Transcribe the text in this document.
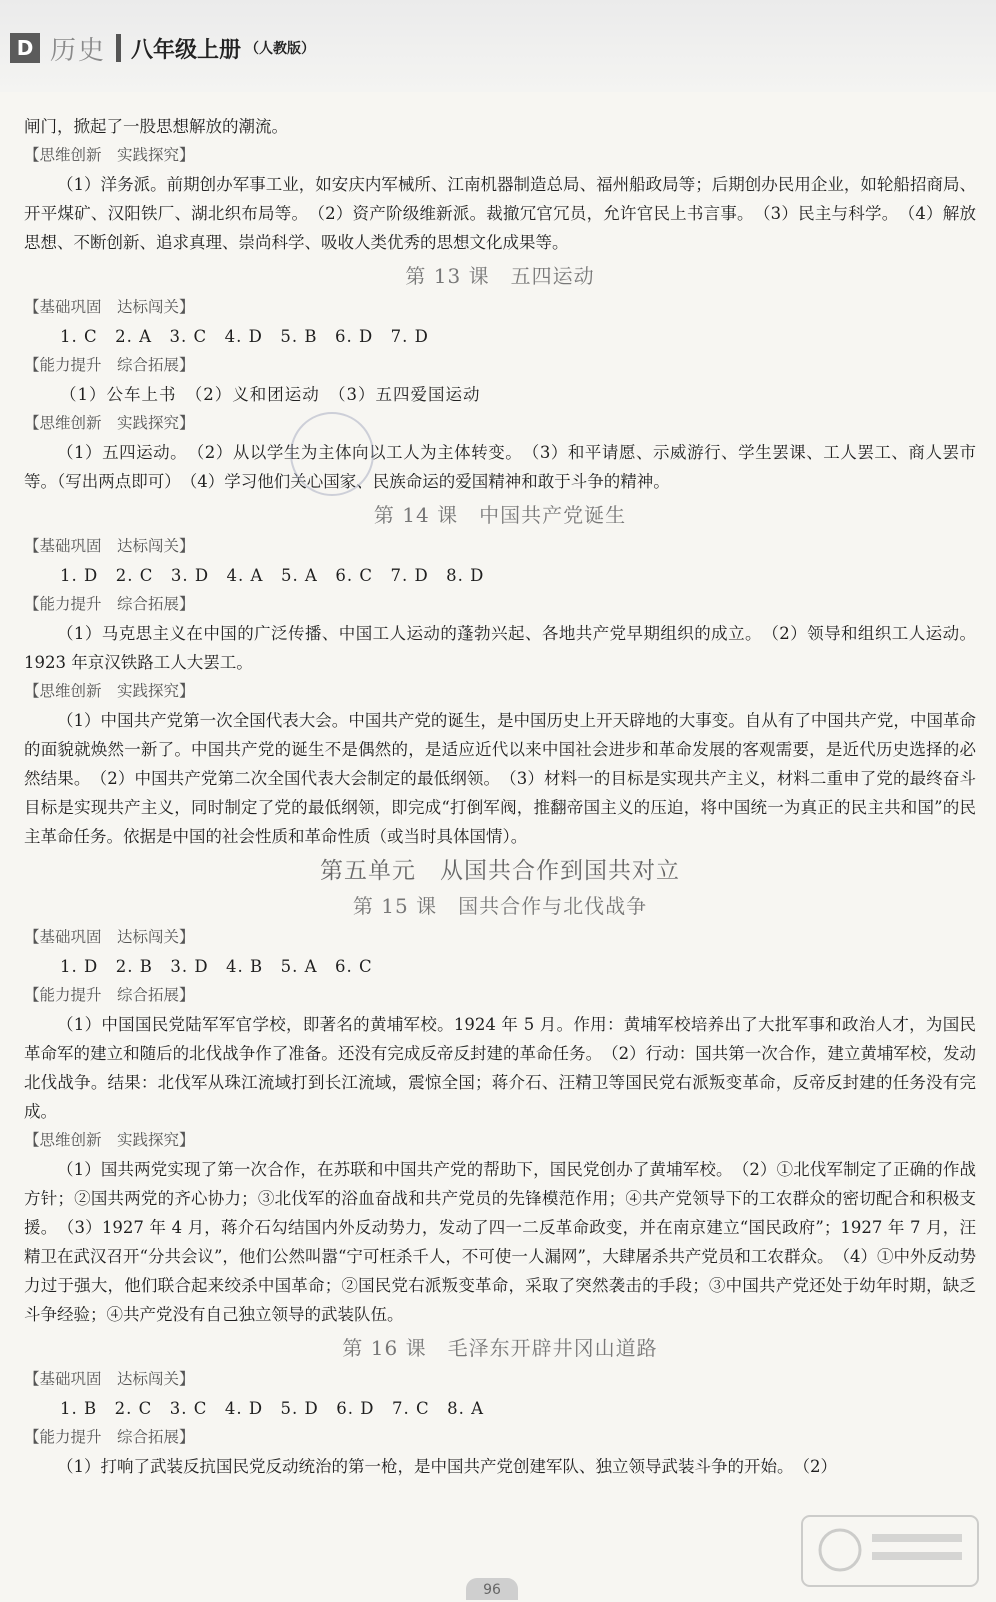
D 历史 八年级上册 （人教版）

闸门，掀起了一股思想解放的潮流。

【思维创新　实践探究】

（1）洋务派。前期创办军事工业，如安庆内军械所、江南机器制造总局、福州船政局等；后期创办民用企业，如轮船招商局、开平煤矿、汉阳铁厂、湖北织布局等。　（2）资产阶级维新派。裁撤冗官冗员，允许官民上书言事。　（3）民主与科学。　（4）解放思想、不断创新、追求真理、崇尚科学、吸收人类优秀的思想文化成果等。

第 13 课　五四运动

【基础巩固　达标闯关】

1. C　2. A　3. C　4. D　5. B　6. D　7. D

【能力提升　综合拓展】

（1）公车上书　（2）义和团运动　（3）五四爱国运动

【思维创新　实践探究】

（1）五四运动。　（2）从以学生为主体向以工人为主体转变。　（3）和平请愿、示威游行、学生罢课、工人罢工、商人罢市等。（写出两点即可）　（4）学习他们关心国家、民族命运的爱国精神和敢于斗争的精神。

第 14 课　中国共产党诞生

【基础巩固　达标闯关】

1. D　2. C　3. D　4. A　5. A　6. C　7. D　8. D

【能力提升　综合拓展】

（1）马克思主义在中国的广泛传播、中国工人运动的蓬勃兴起、各地共产党早期组织的成立。　（2）领导和组织工人运动。1923 年京汉铁路工人大罢工。

【思维创新　实践探究】

（1）中国共产党第一次全国代表大会。中国共产党的诞生，是中国历史上开天辟地的大事变。自从有了中国共产党，中国革命的面貌就焕然一新了。中国共产党的诞生不是偶然的，是适应近代以来中国社会进步和革命发展的客观需要，是近代历史选择的必然结果。　（2）中国共产党第二次全国代表大会制定的最低纲领。　（3）材料一的目标是实现共产主义，材料二重申了党的最终奋斗目标是实现共产主义，同时制定了党的最低纲领，即完成“打倒军阀，推翻帝国主义的压迫，将中国统一为真正的民主共和国”的民主革命任务。依据是中国的社会性质和革命性质（或当时具体国情）。

第五单元　从国共合作到国共对立

第 15 课　国共合作与北伐战争

【基础巩固　达标闯关】

1. D　2. B　3. D　4. B　5. A　6. C

【能力提升　综合拓展】

（1）中国国民党陆军军官学校，即著名的黄埔军校。1924 年 5 月。作用：黄埔军校培养出了大批军事和政治人才，为国民革命军的建立和随后的北伐战争作了准备。还没有完成反帝反封建的革命任务。　（2）行动：国共第一次合作，建立黄埔军校，发动北伐战争。结果：北伐军从珠江流域打到长江流域，震惊全国；蒋介石、汪精卫等国民党右派叛变革命，反帝反封建的任务没有完成。

【思维创新　实践探究】

（1）国共两党实现了第一次合作，在苏联和中国共产党的帮助下，国民党创办了黄埔军校。　（2）①北伐军制定了正确的作战方针；②国共两党的齐心协力；③北伐军的浴血奋战和共产党员的先锋模范作用；④共产党领导下的工农群众的密切配合和积极支援。　（3）1927 年 4 月，蒋介石勾结国内外反动势力，发动了四一二反革命政变，并在南京建立“国民政府”；1927 年 7 月，汪精卫在武汉召开“分共会议”，他们公然叫嚣“宁可枉杀千人，不可使一人漏网”，大肆屠杀共产党员和工农群众。　（4）①中外反动势力过于强大，他们联合起来绞杀中国革命；②国民党右派叛变革命，采取了突然袭击的手段；③中国共产党还处于幼年时期，缺乏斗争经验；④共产党没有自己独立领导的武装队伍。

第 16 课　毛泽东开辟井冈山道路

【基础巩固　达标闯关】

1. B　2. C　3. C　4. D　5. D　6. D　7. C　8. A

【能力提升　综合拓展】

（1）打响了武装反抗国民党反动统治的第一枪，是中国共产党创建军队、独立领导武装斗争的开始。　（2）

96
